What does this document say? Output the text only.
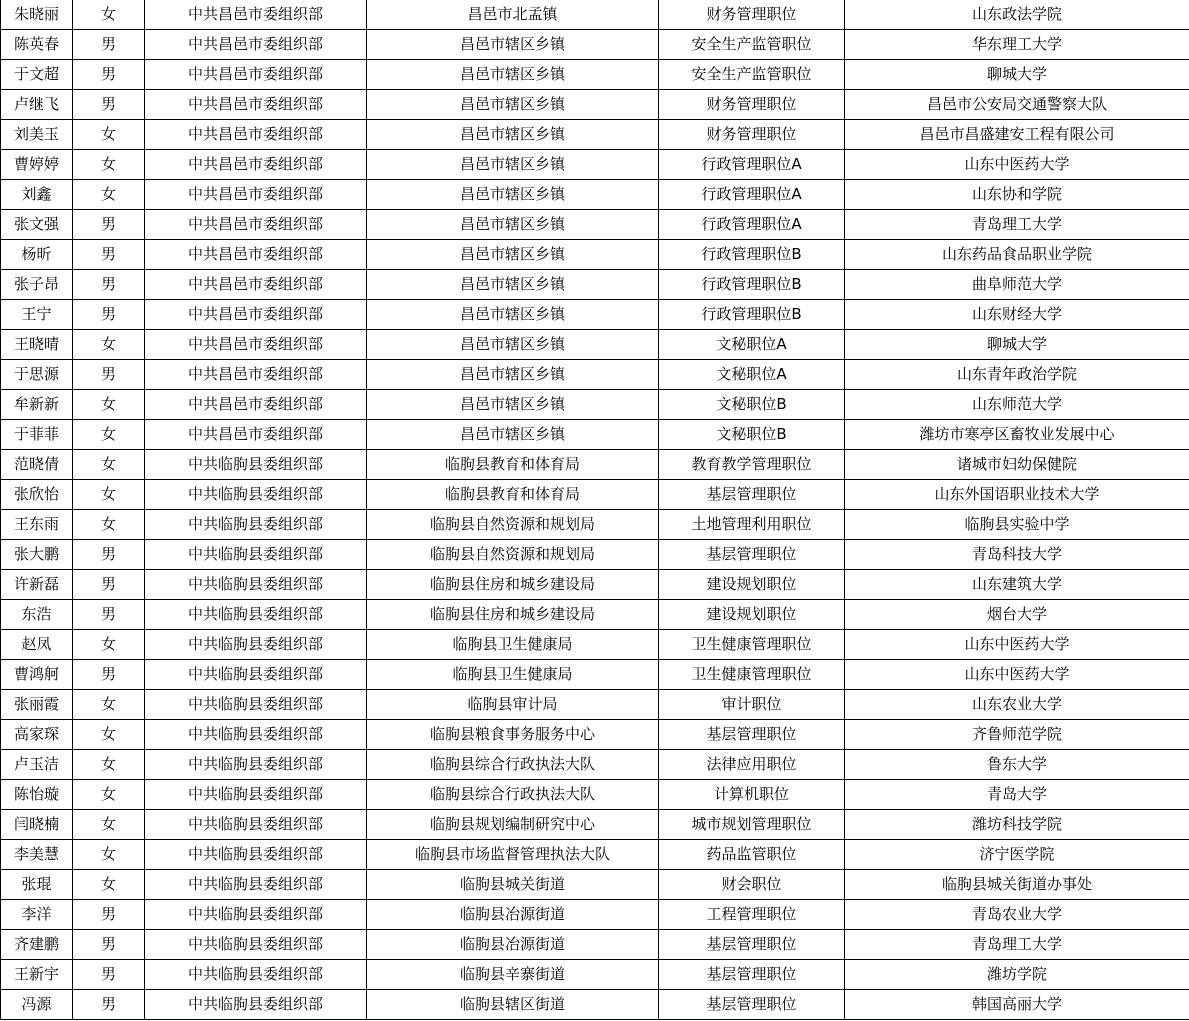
朱晓丽	女	中共昌邑市委组织部	昌邑市北孟镇	财务管理职位	山东政法学院
陈英春	男	中共昌邑市委组织部	昌邑市辖区乡镇	安全生产监管职位	华东理工大学
于文超	男	中共昌邑市委组织部	昌邑市辖区乡镇	安全生产监管职位	聊城大学
卢继飞	男	中共昌邑市委组织部	昌邑市辖区乡镇	财务管理职位	昌邑市公安局交通警察大队
刘美玉	女	中共昌邑市委组织部	昌邑市辖区乡镇	财务管理职位	昌邑市昌盛建安工程有限公司
曹婷婷	女	中共昌邑市委组织部	昌邑市辖区乡镇	行政管理职位A	山东中医药大学
刘鑫	女	中共昌邑市委组织部	昌邑市辖区乡镇	行政管理职位A	山东协和学院
张文强	男	中共昌邑市委组织部	昌邑市辖区乡镇	行政管理职位A	青岛理工大学
杨昕	男	中共昌邑市委组织部	昌邑市辖区乡镇	行政管理职位B	山东药品食品职业学院
张子昂	男	中共昌邑市委组织部	昌邑市辖区乡镇	行政管理职位B	曲阜师范大学
王宁	男	中共昌邑市委组织部	昌邑市辖区乡镇	行政管理职位B	山东财经大学
王晓晴	女	中共昌邑市委组织部	昌邑市辖区乡镇	文秘职位A	聊城大学
于思源	男	中共昌邑市委组织部	昌邑市辖区乡镇	文秘职位A	山东青年政治学院
牟新新	女	中共昌邑市委组织部	昌邑市辖区乡镇	文秘职位B	山东师范大学
于菲菲	女	中共昌邑市委组织部	昌邑市辖区乡镇	文秘职位B	潍坊市寒亭区畜牧业发展中心
范晓倩	女	中共临朐县委组织部	临朐县教育和体育局	教育教学管理职位	诸城市妇幼保健院
张欣怡	女	中共临朐县委组织部	临朐县教育和体育局	基层管理职位	山东外国语职业技术大学
王东雨	女	中共临朐县委组织部	临朐县自然资源和规划局	土地管理利用职位	临朐县实验中学
张大鹏	男	中共临朐县委组织部	临朐县自然资源和规划局	基层管理职位	青岛科技大学
许新磊	男	中共临朐县委组织部	临朐县住房和城乡建设局	建设规划职位	山东建筑大学
东浩	男	中共临朐县委组织部	临朐县住房和城乡建设局	建设规划职位	烟台大学
赵凤	女	中共临朐县委组织部	临朐县卫生健康局	卫生健康管理职位	山东中医药大学
曹鸿舸	男	中共临朐县委组织部	临朐县卫生健康局	卫生健康管理职位	山东中医药大学
张丽霞	女	中共临朐县委组织部	临朐县审计局	审计职位	山东农业大学
高家琛	女	中共临朐县委组织部	临朐县粮食事务服务中心	基层管理职位	齐鲁师范学院
卢玉洁	女	中共临朐县委组织部	临朐县综合行政执法大队	法律应用职位	鲁东大学
陈怡璇	女	中共临朐县委组织部	临朐县综合行政执法大队	计算机职位	青岛大学
闫晓楠	女	中共临朐县委组织部	临朐县规划编制研究中心	城市规划管理职位	潍坊科技学院
李美慧	女	中共临朐县委组织部	临朐县市场监督管理执法大队	药品监管职位	济宁医学院
张琨	女	中共临朐县委组织部	临朐县城关街道	财会职位	临朐县城关街道办事处
李洋	男	中共临朐县委组织部	临朐县冶源街道	工程管理职位	青岛农业大学
齐建鹏	男	中共临朐县委组织部	临朐县冶源街道	基层管理职位	青岛理工大学
王新宇	男	中共临朐县委组织部	临朐县辛寨街道	基层管理职位	潍坊学院
冯源	男	中共临朐县委组织部	临朐县辖区街道	基层管理职位	韩国高丽大学
